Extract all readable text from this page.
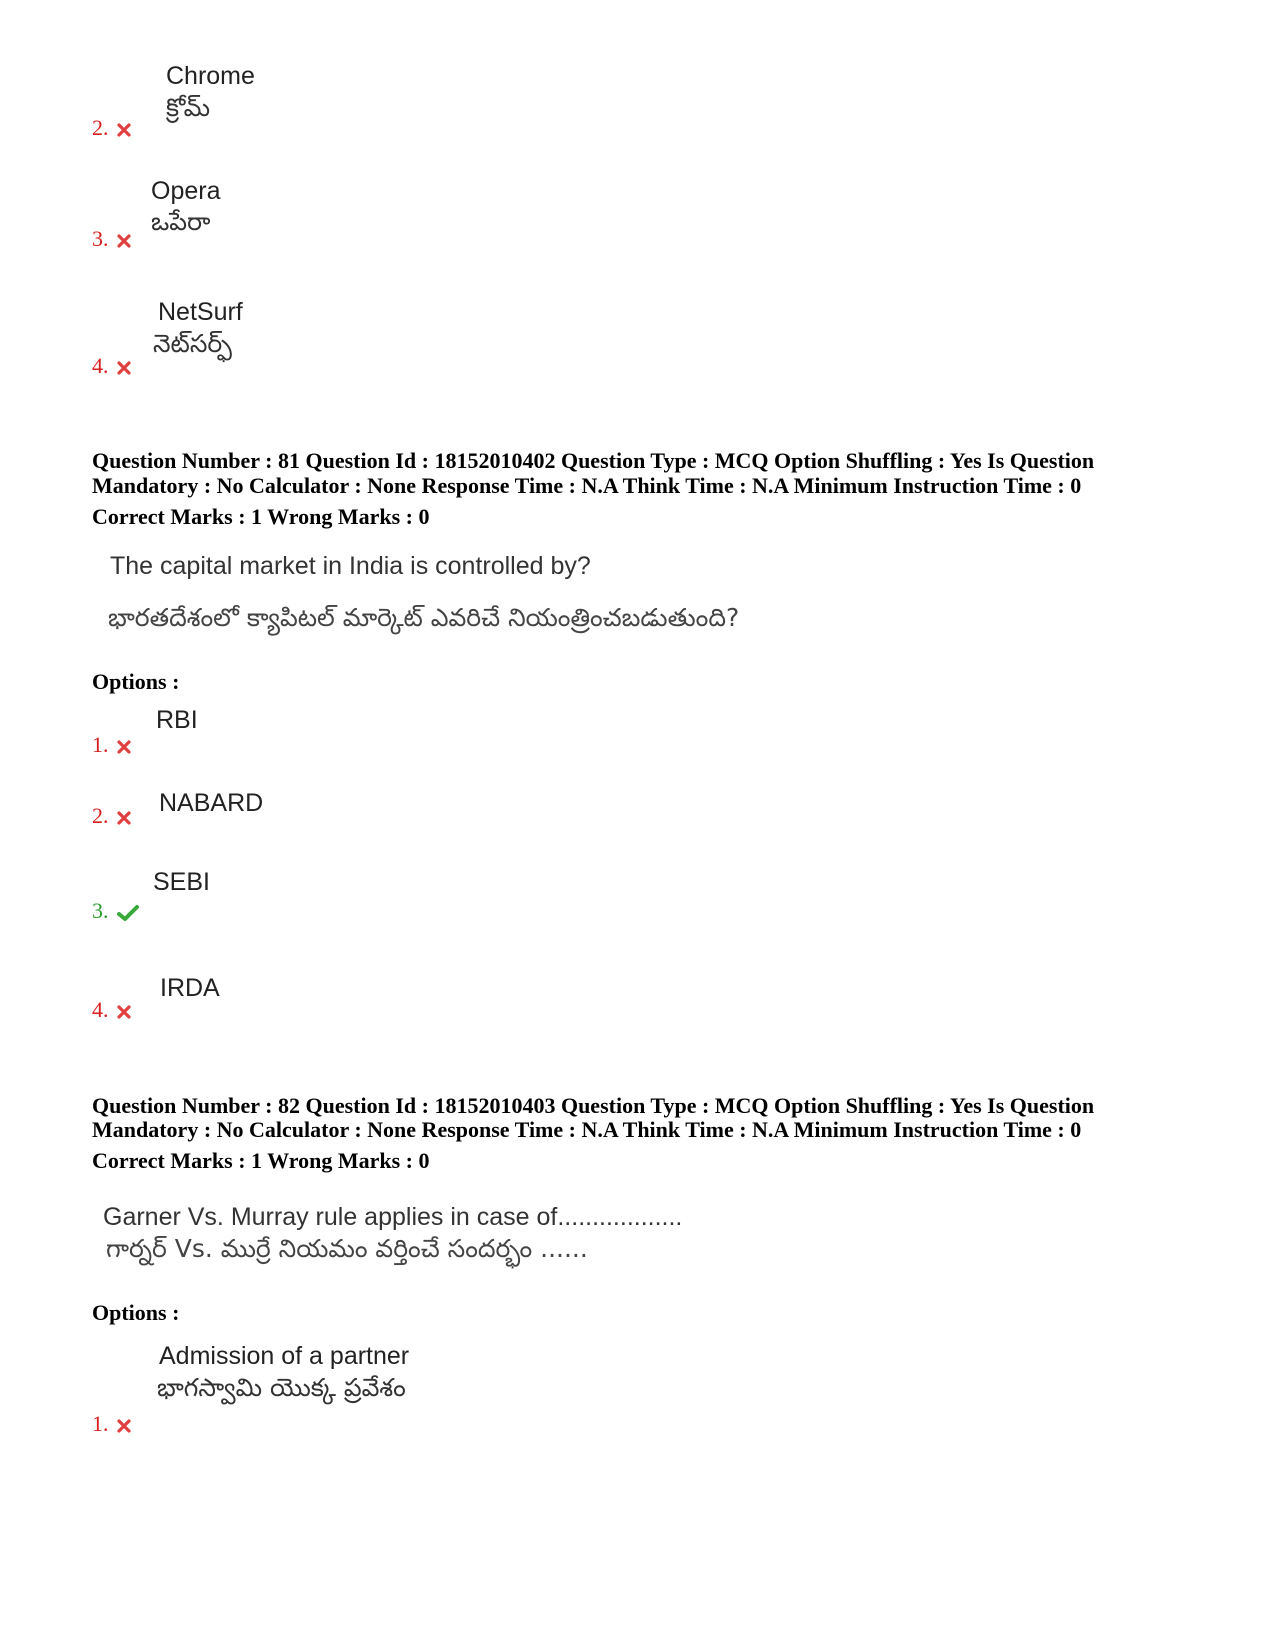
Chrome
క్రోమ్
2.
Opera
ఒపేరా
3.
NetSurf
నెట్‌సర్ఫ్
4.
Question Number : 81 Question Id : 18152010402 Question Type : MCQ Option Shuffling : Yes Is Question
Mandatory : No Calculator : None Response Time : N.A Think Time : N.A Minimum Instruction Time : 0
Correct Marks : 1 Wrong Marks : 0
The capital market in India is controlled by?
భారతదేశంలో క్యాపిటల్ మార్కెట్ ఎవరిచే నియంత్రించబడుతుంది?
Options :
RBI
1.
NABARD
2.
SEBI
3.
IRDA
4.
Question Number : 82 Question Id : 18152010403 Question Type : MCQ Option Shuffling : Yes Is Question
Mandatory : No Calculator : None Response Time : N.A Think Time : N.A Minimum Instruction Time : 0
Correct Marks : 1 Wrong Marks : 0
Garner Vs. Murray rule applies in case of..................
గార్నర్ Vs. ముర్రే నియమం వర్తించే సందర్భం ......
Options :
Admission of a partner
భాగస్వామి యొక్క ప్రవేశం
1.
